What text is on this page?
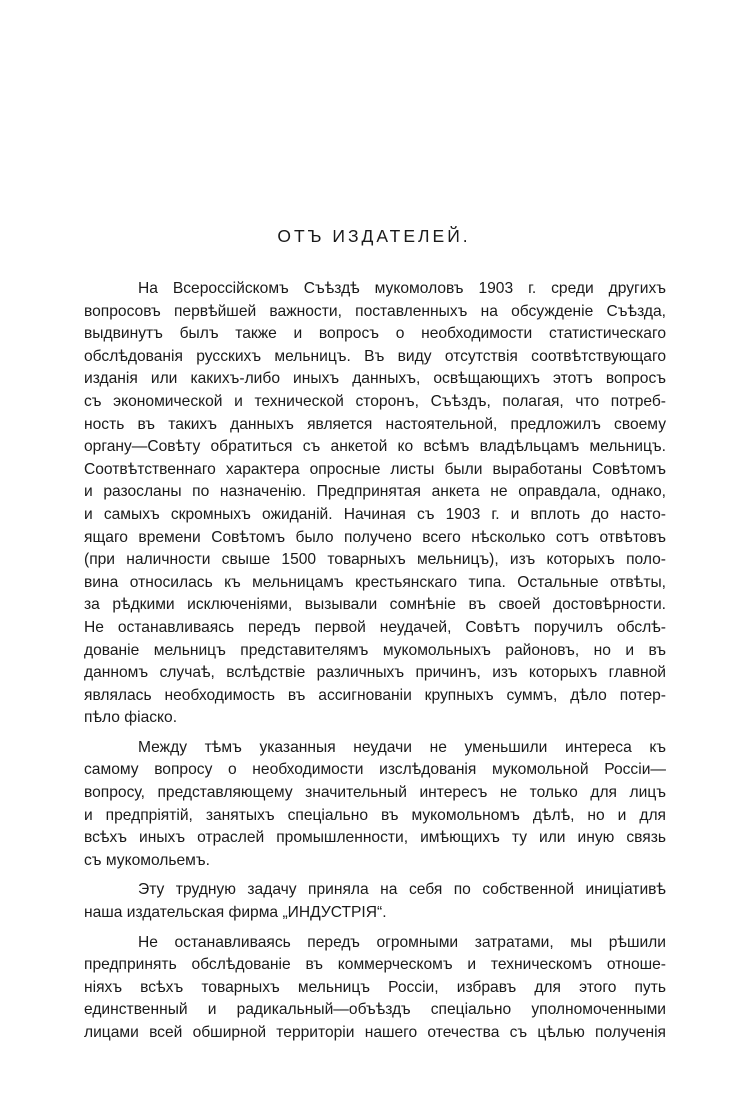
ОТЪ ИЗДАТЕЛЕЙ.

На Всероссійскомъ Съѣздѣ мукомоловъ 1903 г. среди другихъ
вопросовъ первѣйшей важности, поставленныхъ на обсужденіе Съѣзда,
выдвинутъ былъ также и вопросъ о необходимости статистическаго
обслѣдованія русскихъ мельницъ. Въ виду отсутствія соотвѣтствующаго
изданія или какихъ-либо иныхъ данныхъ, освѣщающихъ этотъ вопросъ
съ экономической и технической сторонъ, Съѣздъ, полагая, что потреб-
ность въ такихъ данныхъ является настоятельной, предложилъ своему
органу—Совѣту обратиться съ анкетой ко всѣмъ владѣльцамъ мельницъ.
Соотвѣтственнаго характера опросные листы были выработаны Совѣтомъ
и разосланы по назначенію. Предпринятая анкета не оправдала, однако,
и самыхъ скромныхъ ожиданій. Начиная съ 1903 г. и вплоть до насто-
ящаго времени Совѣтомъ было получено всего нѣсколько сотъ отвѣтовъ
(при наличности свыше 1500 товарныхъ мельницъ), изъ которыхъ поло-
вина относилась къ мельницамъ крестьянскаго типа. Остальные отвѣты,
за рѣдкими исключеніями, вызывали сомнѣніе въ своей достовѣрности.
Не останавливаясь передъ первой неудачей, Совѣтъ поручилъ обслѣ-
дованіе мельницъ представителямъ мукомольныхъ районовъ, но и въ
данномъ случаѣ, вслѣдствіе различныхъ причинъ, изъ которыхъ главной
являлась необходимость въ ассигнованіи крупныхъ суммъ, дѣло потер-
пѣло фіаско.

Между тѣмъ указанныя неудачи не уменьшили интереса къ
самому вопросу о необходимости изслѣдованія мукомольной Россіи—
вопросу, представляющему значительный интересъ не только для лицъ
и предпріятій, занятыхъ спеціально въ мукомольномъ дѣлѣ, но и для
всѣхъ иныхъ отраслей промышленности, имѣющихъ ту или иную связь
съ мукомольемъ.

Эту трудную задачу приняла на себя по собственной иниціативѣ
наша издательская фирма „ИНДУСТРІЯ“.

Не останавливаясь передъ огромными затратами, мы рѣшили
предпринять обслѣдованіе въ коммерческомъ и техническомъ отноше-
ніяхъ всѣхъ товарныхъ мельницъ Россіи, избравъ для этого путь
единственный и радикальный—объѣздъ спеціально уполномоченными
лицами всей обширной территоріи нашего отечества съ цѣлью полученія
